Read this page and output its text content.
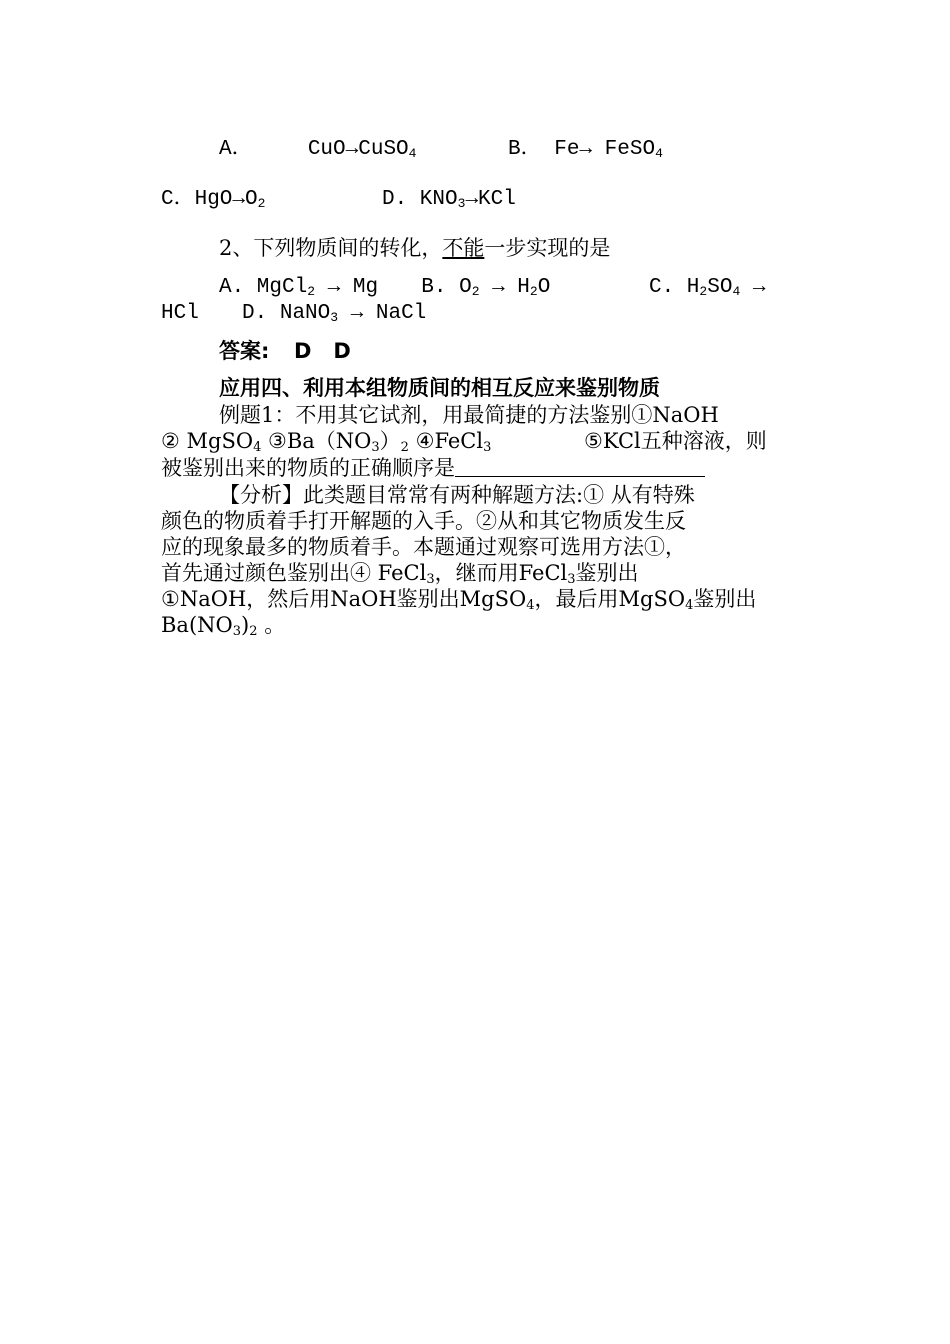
A．	CuO→CuSO$_4$	B． Fe→ FeSO$_4$
C．$HgO\to O_2$	D. $KNO_3\to KCl$
2、下列物质间的转化，不能一步实现的是
A. MgCl$_2$ → Mg B. $O_2 \to H_2O$	C. $H_2SO_4$ →
HCl D. NaNO$_3$ → NaCl
答案: D   D
应用四、利用本组物质间的相互反应来鉴别物质
例题1：不用其它试剂，用最简捷的方法鉴别①NaOH
② MgSO$_4$ $③Ba(NO_3)_2$ ④FeCl$_3$	⑤KCl五种溶液，则
被鉴别出来的物质的正确顺序是
【分析】此类题目常常有两种解题方法:① 从有特殊
颜色的物质着手打开解题的入手。②从和其它物质发生反
应的现象最多的物质着手。本题通过观察可选用方法①，
首先通过颜色鉴别出④ FeCl$_3$，继而用FeCl$_3$鉴别出
①NaOH，然后用NaOH鉴别出MgSO$_4$，最后用MgSO$_4$鉴别出
$Ba(NO_3)_2$ 。
